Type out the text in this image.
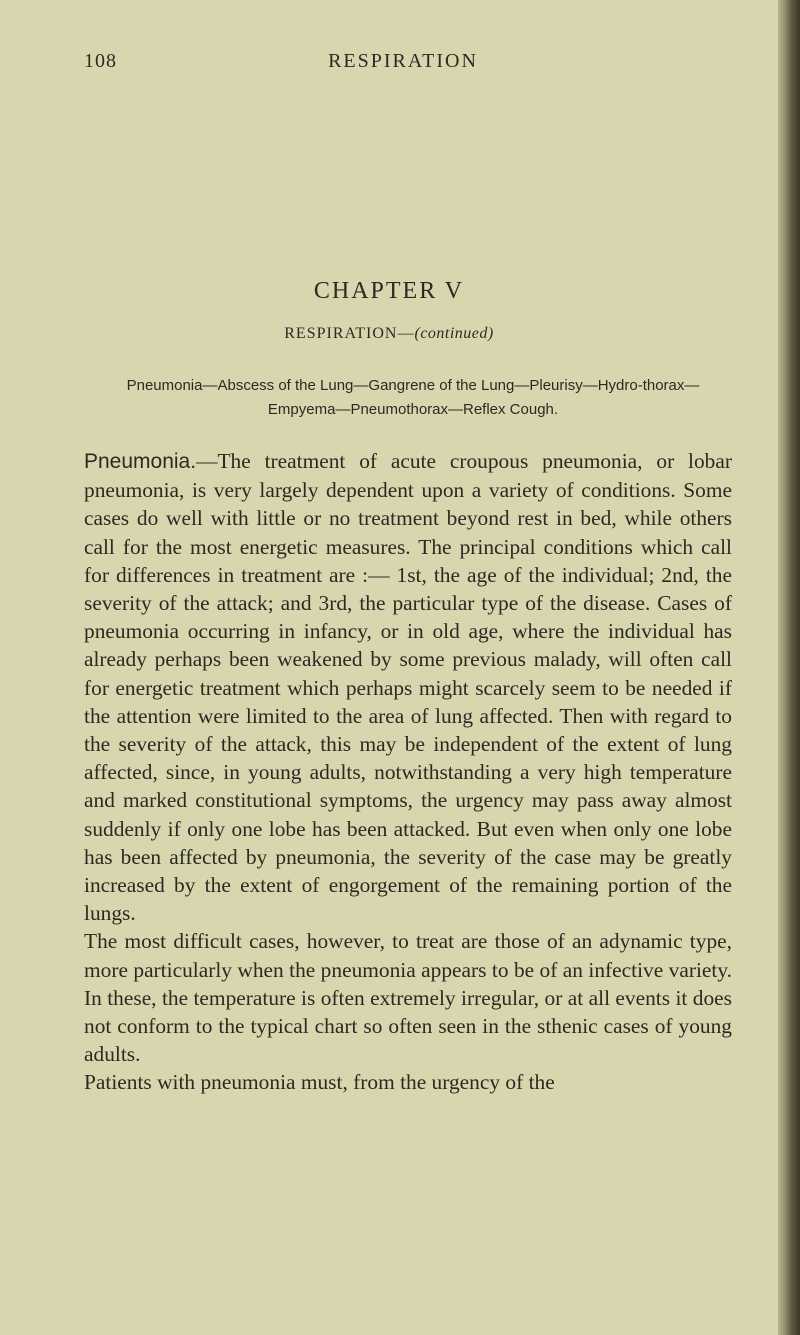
108	RESPIRATION
CHAPTER V
RESPIRATION—(continued)
Pneumonia—Abscess of the Lung—Gangrene of the Lung—Pleurisy—Hydro-thorax—Empyema—Pneumothorax—Reflex Cough.

Pneumonia.—The treatment of acute croupous pneumonia, or lobar pneumonia, is very largely dependent upon a variety of conditions. Some cases do well with little or no treatment beyond rest in bed, while others call for the most energetic measures. The principal conditions which call for differences in treatment are :— 1st, the age of the individual; 2nd, the severity of the attack; and 3rd, the particular type of the disease. Cases of pneumonia occurring in infancy, or in old age, where the individual has already perhaps been weakened by some previous malady, will often call for energetic treatment which perhaps might scarcely seem to be needed if the attention were limited to the area of lung affected. Then with regard to the severity of the attack, this may be independent of the extent of lung affected, since, in young adults, notwithstanding a very high temperature and marked constitutional symptoms, the urgency may pass away almost suddenly if only one lobe has been attacked. But even when only one lobe has been affected by pneumonia, the severity of the case may be greatly increased by the extent of engorgement of the remaining portion of the lungs.

The most difficult cases, however, to treat are those of an adynamic type, more particularly when the pneumonia appears to be of an infective variety. In these, the temperature is often extremely irregular, or at all events it does not conform to the typical chart so often seen in the sthenic cases of young adults.

Patients with pneumonia must, from the urgency of the
